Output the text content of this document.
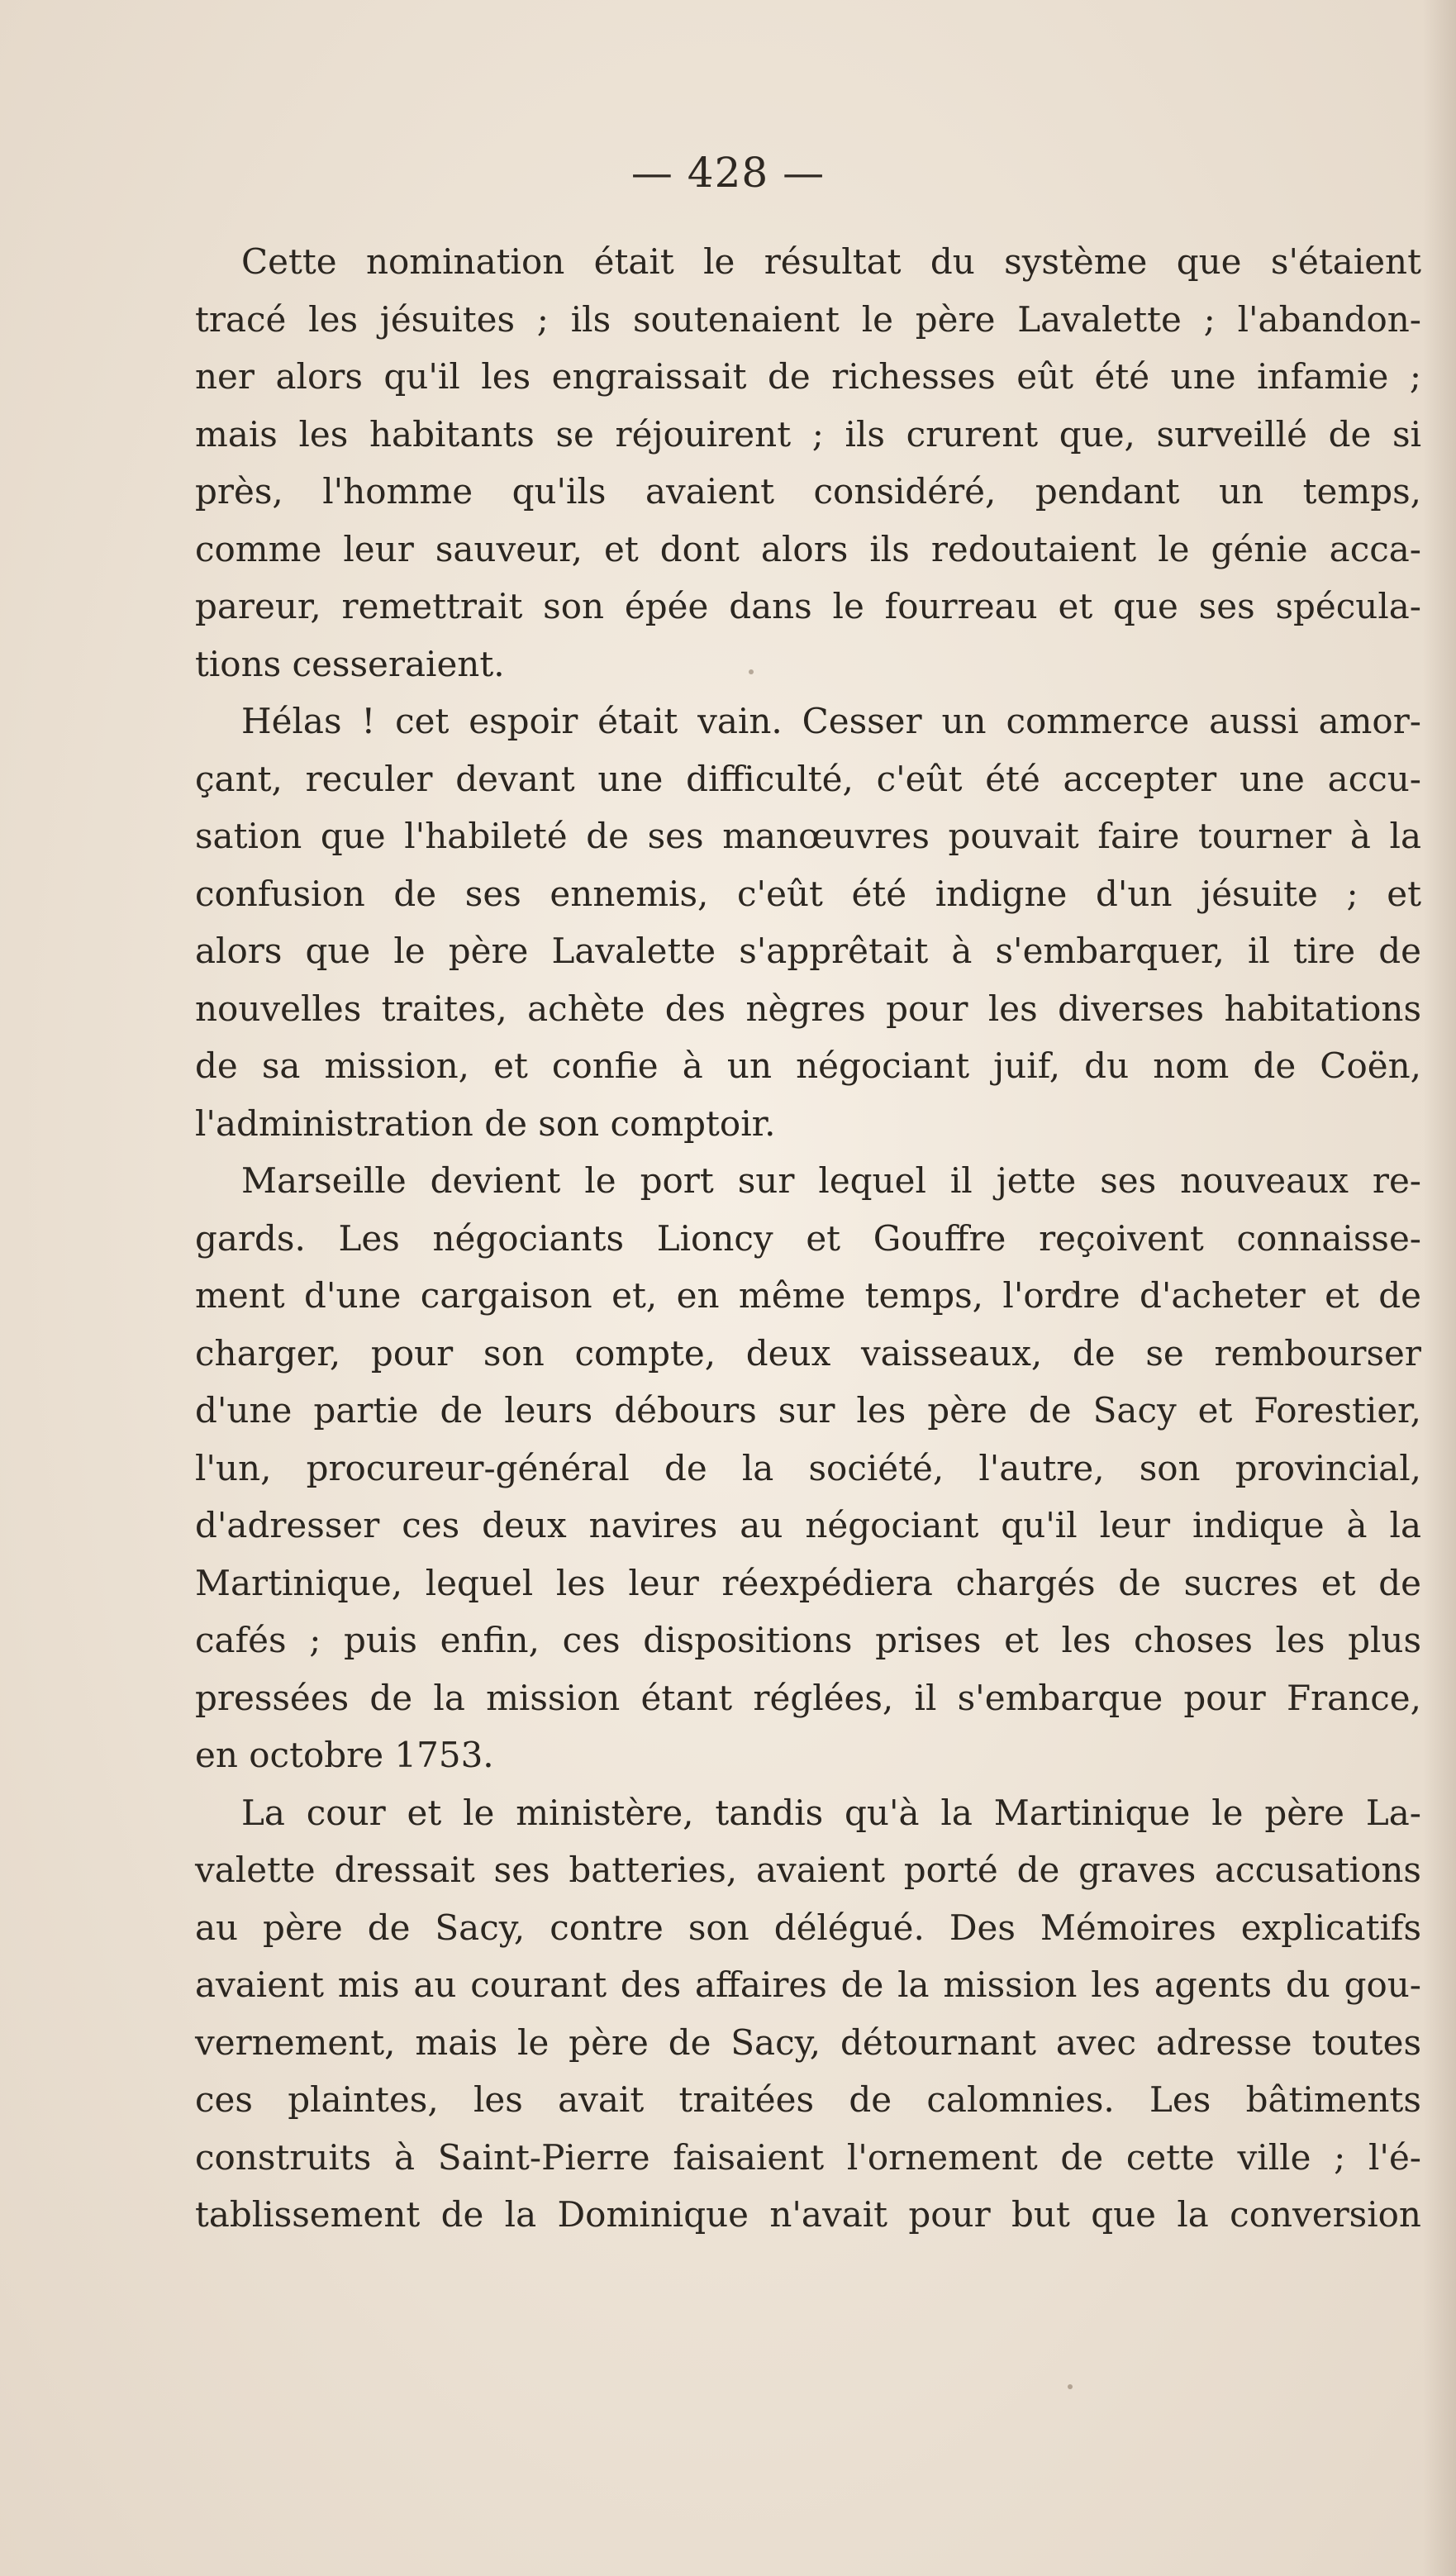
— 428 —
Cette nomination était le résultat du système que s'étaient
tracé les jésuites ; ils soutenaient le père Lavalette ; l'abandon-
ner alors qu'il les engraissait de richesses eût été une infamie ;
mais les habitants se réjouirent ; ils crurent que, surveillé de si
près, l'homme qu'ils avaient considéré, pendant un temps,
comme leur sauveur, et dont alors ils redoutaient le génie acca-
pareur, remettrait son épée dans le fourreau et que ses spécula-
tions cesseraient.
Hélas ! cet espoir était vain. Cesser un commerce aussi amor-
çant, reculer devant une difficulté, c'eût été accepter une accu-
sation que l'habileté de ses manœuvres pouvait faire tourner à la
confusion de ses ennemis, c'eût été indigne d'un jésuite ; et
alors que le père Lavalette s'apprêtait à s'embarquer, il tire de
nouvelles traites, achète des nègres pour les diverses habitations
de sa mission, et confie à un négociant juif, du nom de Coën,
l'administration de son comptoir.
Marseille devient le port sur lequel il jette ses nouveaux re-
gards. Les négociants Lioncy et Gouffre reçoivent connaisse-
ment d'une cargaison et, en même temps, l'ordre d'acheter et de
charger, pour son compte, deux vaisseaux, de se rembourser
d'une partie de leurs débours sur les père de Sacy et Forestier,
l'un, procureur-général de la société, l'autre, son provincial,
d'adresser ces deux navires au négociant qu'il leur indique à la
Martinique, lequel les leur réexpédiera chargés de sucres et de
cafés ; puis enfin, ces dispositions prises et les choses les plus
pressées de la mission étant réglées, il s'embarque pour France,
en octobre 1753.
La cour et le ministère, tandis qu'à la Martinique le père La-
valette dressait ses batteries, avaient porté de graves accusations
au père de Sacy, contre son délégué. Des Mémoires explicatifs
avaient mis au courant des affaires de la mission les agents du gou-
vernement, mais le père de Sacy, détournant avec adresse toutes
ces plaintes, les avait traitées de calomnies. Les bâtiments
construits à Saint-Pierre faisaient l'ornement de cette ville ; l'é-
tablissement de la Dominique n'avait pour but que la conversion
